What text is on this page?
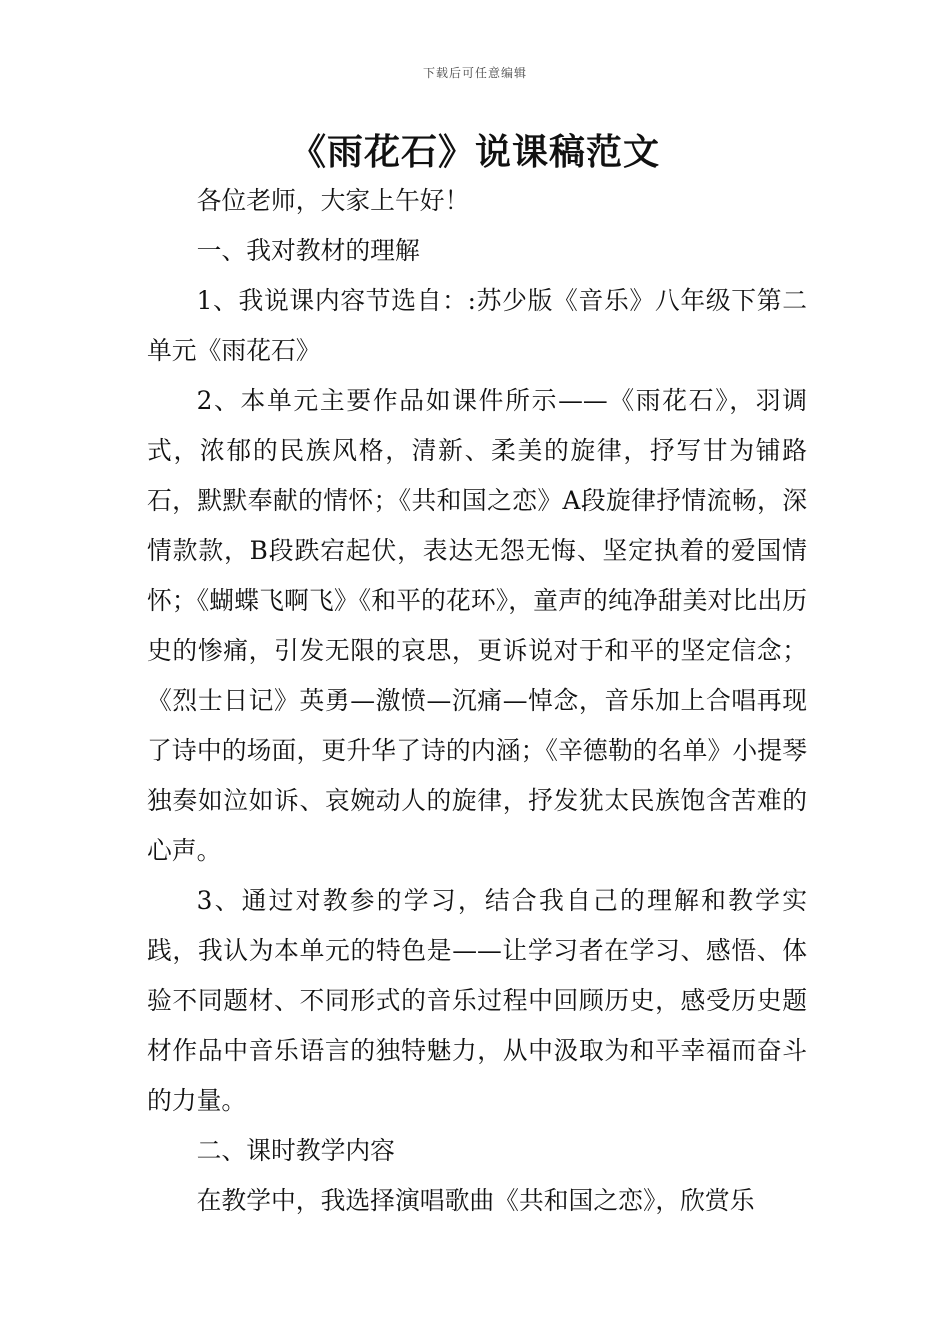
下载后可任意编辑
《雨花石》说课稿范文

各位老师，大家上午好！

一、我对教材的理解

1、我说课内容节选自：:苏少版《音乐》八年级下第二单元《雨花石》

2、本单元主要作品如课件所示——《雨花石》，羽调式，浓郁的民族风格，清新、柔美的旋律，抒写甘为铺路石，默默奉献的情怀；《共和国之恋》A段旋律抒情流畅，深情款款，B段跌宕起伏，表达无怨无悔、坚定执着的爱国情怀；《蝴蝶飞啊飞》《和平的花环》，童声的纯净甜美对比出历史的惨痛，引发无限的哀思，更诉说对于和平的坚定信念；《烈士日记》英勇—激愤—沉痛—悼念，音乐加上合唱再现了诗中的场面，更升华了诗的内涵；《辛德勒的名单》小提琴独奏如泣如诉、哀婉动人的旋律，抒发犹太民族饱含苦难的心声。

3、通过对教参的学习，结合我自己的理解和教学实践，我认为本单元的特色是——让学习者在学习、感悟、体验不同题材、不同形式的音乐过程中回顾历史，感受历史题材作品中音乐语言的独特魅力，从中汲取为和平幸福而奋斗的力量。

二、课时教学内容

在教学中，我选择演唱歌曲《共和国之恋》，欣赏乐
